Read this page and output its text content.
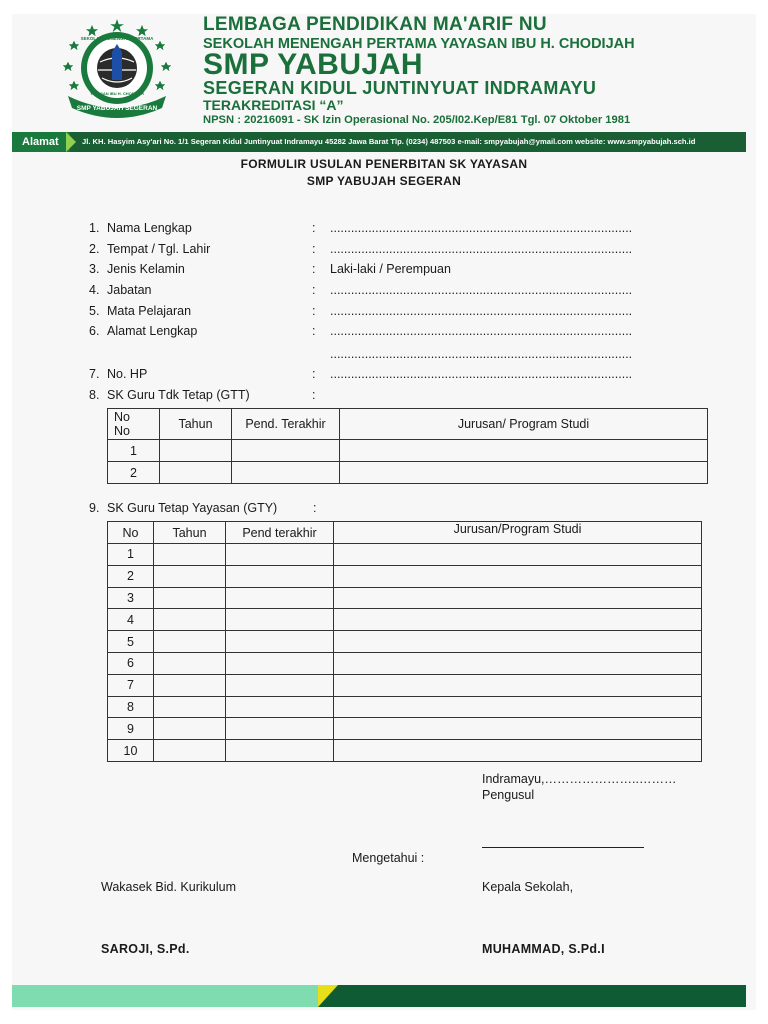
SMP YABUJAH SEGERAN
SEKOLAH MENENGAH PERTAMA
YAYASAN IBU H. CHODIJAH
LEMBAGA PENDIDIKAN MA'ARIF NU
SEKOLAH MENENGAH PERTAMA YAYASAN IBU H. CHODIJAH
SMP YABUJAH
SEGERAN KIDUL JUNTINYUAT INDRAMAYU
TERAKREDITASI “A”
NPSN : 20216091 - SK Izin Operasional No. 205/I02.Kep/E81 Tgl. 07 Oktober 1981
Alamat	Jl. KH. Hasyim Asy'ari No. 1/1 Segeran Kidul Juntinyuat Indramayu 45282 Jawa Barat Tlp. (0234) 487503 e-mail: smpyabujah@ymail.com website: www.smpyabujah.sch.id
FORMULIR USULAN PENERBITAN SK YAYASAN
SMP YABUJAH SEGERAN
1. Nama Lengkap	: .......................................................................................
2. Tempat / Tgl. Lahir	: .......................................................................................
3. Jenis Kelamin	: Laki-laki / Perempuan
4. Jabatan	: .......................................................................................
5. Mata Pelajaran	: .......................................................................................
6. Alamat Lengkap	: .......................................................................................
.......................................................................................
7. No. HP	: .......................................................................................
8. SK Guru Tdk Tetap (GTT)	:
No
No	Tahun	Pend. Terakhir	Jurusan/ Program Studi
1			
2			
9. SK Guru Tetap Yayasan (GTY)	:
No	Tahun	Pend terakhir	Jurusan/Program Studi
1			
2			
3			
4			
5			
6			
7			
8			
9			
10			
Indramayu,…………………..………
Pengusul
Mengetahui :
Wakasek Bid. Kurikulum	Kepala Sekolah,
SAROJI, S.Pd.	MUHAMMAD, S.Pd.I
